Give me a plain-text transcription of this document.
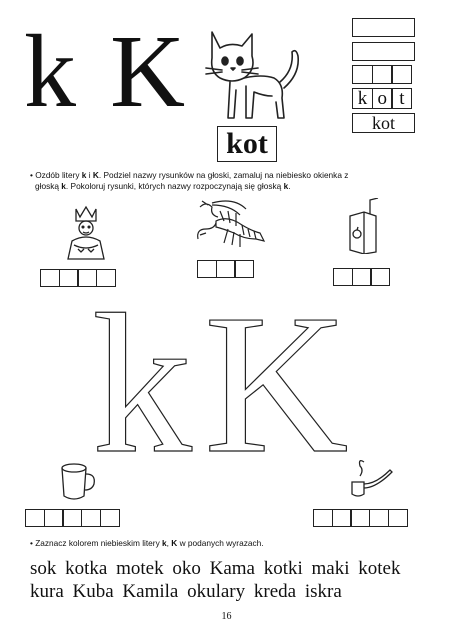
k K
kot
k o t
kot
• Ozdób litery k i K. Podziel nazwy rysunków na głoski, zamaluj na niebiesko okienka z
głoską k. Pokoloruj rysunki, których nazwy rozpoczynają się głoską k.
k K
• Zaznacz kolorem niebieskim litery k, K w podanych wyrazach.
sok kotka motek oko Kama kotki maki kotek
kura Kuba Kamila okulary kreda iskra
16
